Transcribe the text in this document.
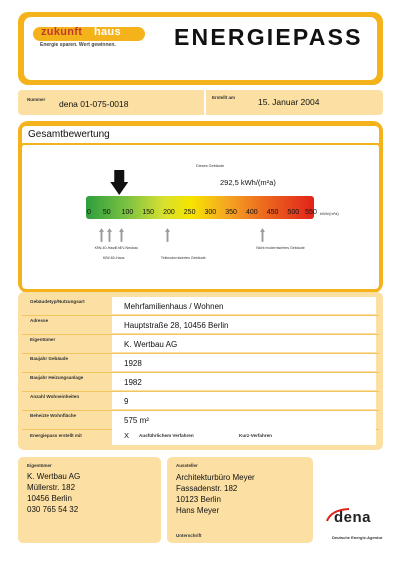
zukunft haus
Energie sparen. Wert gewinnen.	ENERGIEPASS
Nummer dena 01-075-0018
Erstellt am	15. Januar 2004
Gesamtbewertung
Dieses Gebäude
292,5 kWh/(m²a)
0 50 100 150 200 250 300 350 400 450 500 550 kWh/(m²a)
KfW-40-Haus
KfW-60-Haus
EnEV-Neubau
Teilmodernisiertes Gebäude
Nicht modernisiertes Gebäude
Gebäudetyp/Nutzungsart
Mehrfamilienhaus / Wohnen
Adresse
Hauptstraße 28, 10456 Berlin
Eigentümer
K. Wertbau AG
Baujahr Gebäude
1928
Baujahr Heizungsanlage
1982
Anzahl Wohneinheiten
9
Beheizte Wohnfläche
575 m²
Energiepass erstellt mit	X Ausführlichem Verfahren	Kurz-Verfahren
Eigentümer
K. Wertbau AG
Müllerstr. 182
10456 Berlin
030 765 54 32
Aussteller
Architekturbüro Meyer
Fassadenstr. 182
10123 Berlin
Hans Meyer
Unterschrift
dena
Deutsche Energie-Agentur
